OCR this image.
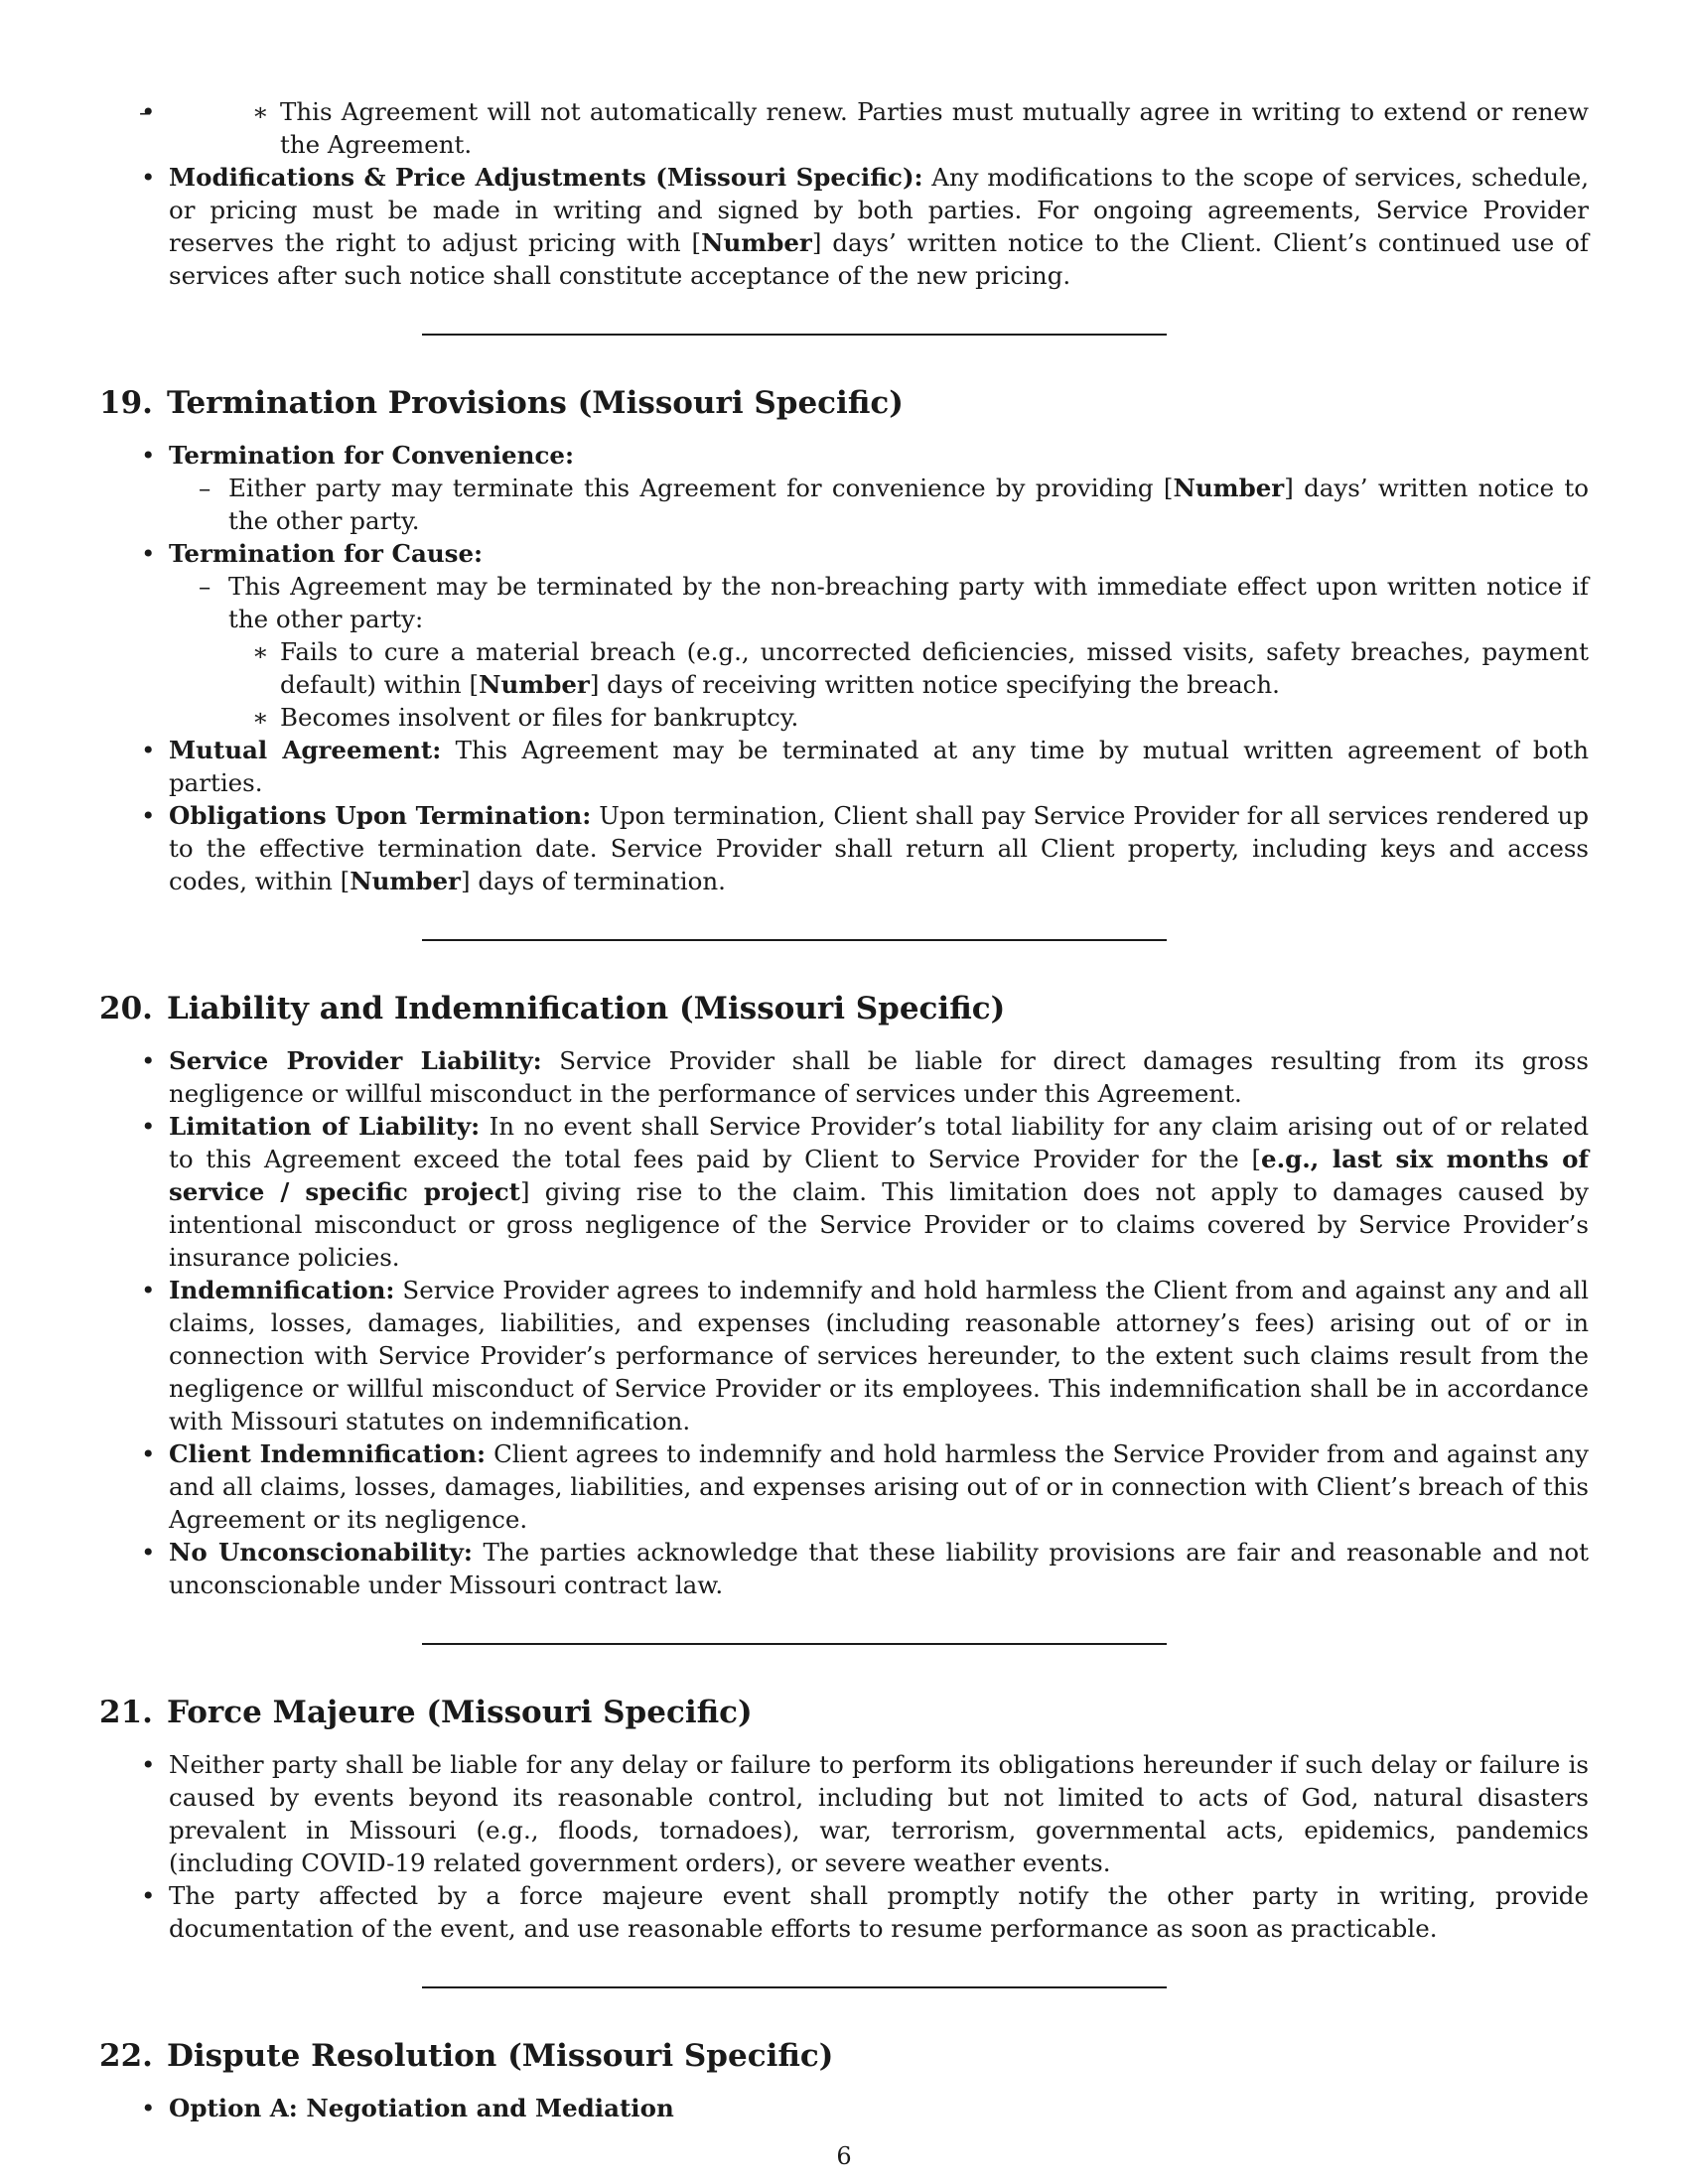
∗ – • This Agreement will not automatically renew. Parties must mutually agree in writing to extend or renew the Agreement.
• Modifications & Price Adjustments (Missouri Specific): Any modifications to the scope of services, schedule, or pricing must be made in writing and signed by both parties. For ongoing agreements, Service Provider reserves the right to adjust pricing with [Number] days’ written notice to the Client. Client’s continued use of services after such notice shall constitute acceptance of the new pricing.
19. Termination Provisions (Missouri Specific)
• Termination for Convenience:
– Either party may terminate this Agreement for convenience by providing [Number] days’ written notice to the other party.
• Termination for Cause:
– This Agreement may be terminated by the non-breaching party with immediate effect upon written notice if the other party:
∗ Fails to cure a material breach (e.g., uncorrected deficiencies, missed visits, safety breaches, payment default) within [Number] days of receiving written notice specifying the breach.
∗ Becomes insolvent or files for bankruptcy.
• Mutual Agreement: This Agreement may be terminated at any time by mutual written agreement of both parties.
• Obligations Upon Termination: Upon termination, Client shall pay Service Provider for all services rendered up to the effective termination date. Service Provider shall return all Client property, including keys and access codes, within [Number] days of termination.
20. Liability and Indemnification (Missouri Specific)
• Service Provider Liability: Service Provider shall be liable for direct damages resulting from its gross negligence or willful misconduct in the performance of services under this Agreement.
• Limitation of Liability: In no event shall Service Provider’s total liability for any claim arising out of or related to this Agreement exceed the total fees paid by Client to Service Provider for the [e.g., last six months of service / specific project] giving rise to the claim. This limitation does not apply to damages caused by intentional misconduct or gross negligence of the Service Provider or to claims covered by Service Provider’s insurance policies.
• Indemnification: Service Provider agrees to indemnify and hold harmless the Client from and against any and all claims, losses, damages, liabilities, and expenses (including reasonable attorney’s fees) arising out of or in connection with Service Provider’s performance of services hereunder, to the extent such claims result from the negligence or willful misconduct of Service Provider or its employees. This indemnification shall be in accordance with Missouri statutes on indemnification.
• Client Indemnification: Client agrees to indemnify and hold harmless the Service Provider from and against any and all claims, losses, damages, liabilities, and expenses arising out of or in connection with Client’s breach of this Agreement or its negligence.
• No Unconscionability: The parties acknowledge that these liability provisions are fair and reasonable and not unconscionable under Missouri contract law.
21. Force Majeure (Missouri Specific)
• Neither party shall be liable for any delay or failure to perform its obligations hereunder if such delay or failure is caused by events beyond its reasonable control, including but not limited to acts of God, natural disasters prevalent in Missouri (e.g., floods, tornadoes), war, terrorism, governmental acts, epidemics, pandemics (including COVID-19 related government orders), or severe weather events.
• The party affected by a force majeure event shall promptly notify the other party in writing, provide documentation of the event, and use reasonable efforts to resume performance as soon as practicable.
22. Dispute Resolution (Missouri Specific)
• Option A: Negotiation and Mediation
6
